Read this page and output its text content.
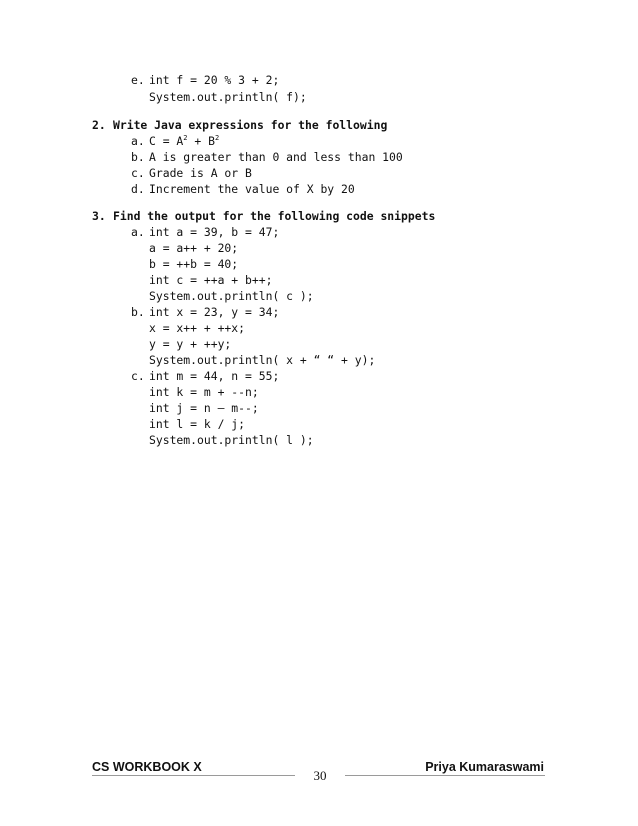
e. int f = 20 % 3 + 2;
System.out.println( f);
2. Write Java expressions for the following
a. $C = A^2 + B^2$
b. A is greater than 0 and less than 100
c. Grade is A or B
d. Increment the value of X by 20
3. Find the output for the following code snippets
a. int a = 39, b = 47;
a = a++ + 20;
b = ++b = 40;
int c = ++a + b++;
System.out.println( c );
b. int x = 23, y = 34;
x = x++ + ++x;
y = y + ++y;
System.out.println( x + “ “ + y);
c. int m = 44, n = 55;
int k = m + --n;
int j = n – m--;
int l = k / j;
System.out.println( l );
CS WORKBOOK X
30
Priya Kumaraswami
